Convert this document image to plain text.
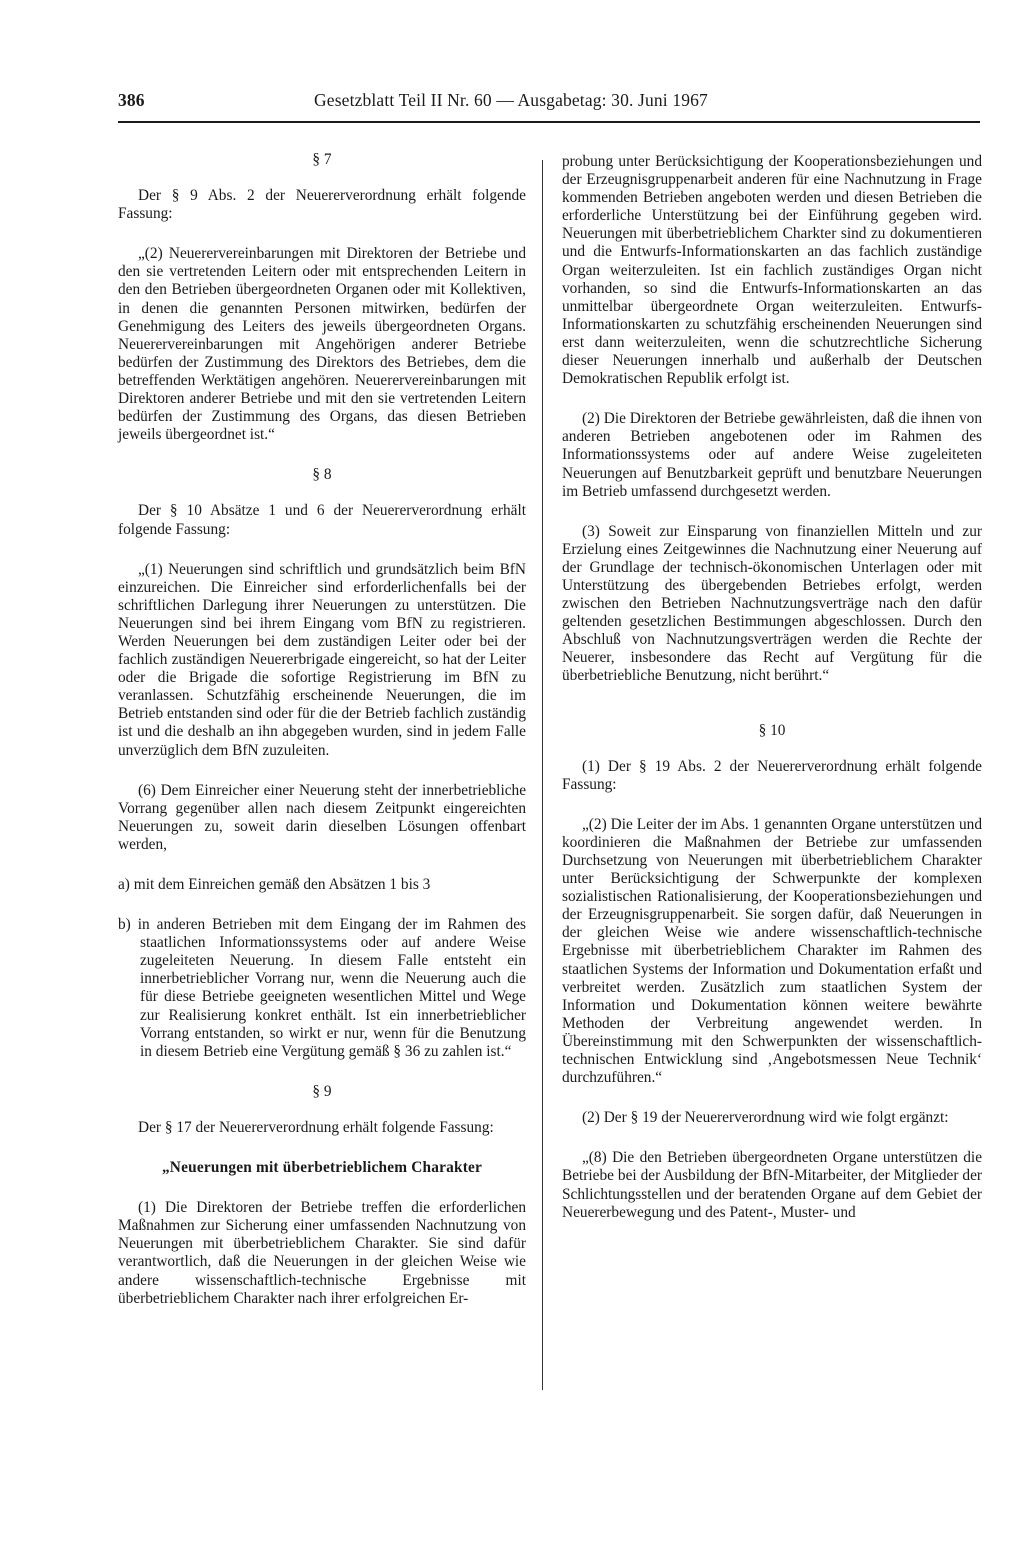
386	Gesetzblatt Teil II Nr. 60 — Ausgabetag: 30. Juni 1967

§ 7

Der § 9 Abs. 2 der Neuererverordnung erhält folgende Fassung:

„(2) Neuerervereinbarungen mit Direktoren der Betriebe und den sie vertretenden Leitern oder mit entsprechenden Leitern in den den Betrieben übergeordneten Organen oder mit Kollektiven, in denen die genannten Personen mitwirken, bedürfen der Genehmigung des Leiters des jeweils übergeordneten Organs. Neuerervereinbarungen mit Angehörigen anderer Betriebe bedürfen der Zustimmung des Direktors des Betriebes, dem die betreffenden Werktätigen angehören. Neuerervereinbarungen mit Direktoren anderer Betriebe und mit den sie vertretenden Leitern bedürfen der Zustimmung des Organs, das diesen Betrieben jeweils übergeordnet ist.“

§ 8

Der § 10 Absätze 1 und 6 der Neuererverordnung erhält folgende Fassung:

„(1) Neuerungen sind schriftlich und grundsätzlich beim BfN einzureichen. Die Einreicher sind erforderlichenfalls bei der schriftlichen Darlegung ihrer Neuerungen zu unterstützen. Die Neuerungen sind bei ihrem Eingang vom BfN zu registrieren. Werden Neuerungen bei dem zuständigen Leiter oder bei der fachlich zuständigen Neuererbrigade eingereicht, so hat der Leiter oder die Brigade die sofortige Registrierung im BfN zu veranlassen. Schutzfähig erscheinende Neuerungen, die im Betrieb entstanden sind oder für die der Betrieb fachlich zuständig ist und die deshalb an ihn abgegeben wurden, sind in jedem Falle unverzüglich dem BfN zuzuleiten.

(6) Dem Einreicher einer Neuerung steht der innerbetriebliche Vorrang gegenüber allen nach diesem Zeitpunkt eingereichten Neuerungen zu, soweit darin dieselben Lösungen offenbart werden,

a) mit dem Einreichen gemäß den Absätzen 1 bis 3

b) in anderen Betrieben mit dem Eingang der im Rahmen des staatlichen Informationssystems oder auf andere Weise zugeleiteten Neuerung. In diesem Falle entsteht ein innerbetrieblicher Vorrang nur, wenn die Neuerung auch die für diese Betriebe geeigneten wesentlichen Mittel und Wege zur Realisierung konkret enthält. Ist ein innerbetrieblicher Vorrang entstanden, so wirkt er nur, wenn für die Benutzung in diesem Betrieb eine Vergütung gemäß § 36 zu zahlen ist.“

§ 9

Der § 17 der Neuererverordnung erhält folgende Fassung:

„Neuerungen mit überbetrieblichem Charakter

(1) Die Direktoren der Betriebe treffen die erforderlichen Maßnahmen zur Sicherung einer umfassenden Nachnutzung von Neuerungen mit überbetrieblichem Charakter. Sie sind dafür verantwortlich, daß die Neuerungen in der gleichen Weise wie andere wissenschaftlich-technische Ergebnisse mit überbetrieblichem Charakter nach ihrer erfolgreichen Er-

probung unter Berücksichtigung der Kooperationsbeziehungen und der Erzeugnisgruppenarbeit anderen für eine Nachnutzung in Frage kommenden Betrieben angeboten werden und diesen Betrieben die erforderliche Unterstützung bei der Einführung gegeben wird. Neuerungen mit überbetrieblichem Charkter sind zu dokumentieren und die Entwurfs-Informationskarten an das fachlich zuständige Organ weiterzuleiten. Ist ein fachlich zuständiges Organ nicht vorhanden, so sind die Entwurfs-Informationskarten an das unmittelbar übergeordnete Organ weiterzuleiten. Entwurfs-Informationskarten zu schutzfähig erscheinenden Neuerungen sind erst dann weiterzuleiten, wenn die schutzrechtliche Sicherung dieser Neuerungen innerhalb und außerhalb der Deutschen Demokratischen Republik erfolgt ist.

(2) Die Direktoren der Betriebe gewährleisten, daß die ihnen von anderen Betrieben angebotenen oder im Rahmen des Informationssystems oder auf andere Weise zugeleiteten Neuerungen auf Benutzbarkeit geprüft und benutzbare Neuerungen im Betrieb umfassend durchgesetzt werden.

(3) Soweit zur Einsparung von finanziellen Mitteln und zur Erzielung eines Zeitgewinnes die Nachnutzung einer Neuerung auf der Grundlage der technisch-ökonomischen Unterlagen oder mit Unterstützung des übergebenden Betriebes erfolgt, werden zwischen den Betrieben Nachnutzungsverträge nach den dafür geltenden gesetzlichen Bestimmungen abgeschlossen. Durch den Abschluß von Nachnutzungsverträgen werden die Rechte der Neuerer, insbesondere das Recht auf Vergütung für die überbetriebliche Benutzung, nicht berührt.“

§ 10

(1) Der § 19 Abs. 2 der Neuererverordnung erhält folgende Fassung:

„(2) Die Leiter der im Abs. 1 genannten Organe unterstützen und koordinieren die Maßnahmen der Betriebe zur umfassenden Durchsetzung von Neuerungen mit überbetrieblichem Charakter unter Berücksichtigung der Schwerpunkte der komplexen sozialistischen Rationalisierung, der Kooperationsbeziehungen und der Erzeugnisgruppenarbeit. Sie sorgen dafür, daß Neuerungen in der gleichen Weise wie andere wissenschaftlich-technische Ergebnisse mit überbetrieblichem Charakter im Rahmen des staatlichen Systems der Information und Dokumentation erfaßt und verbreitet werden. Zusätzlich zum staatlichen System der Information und Dokumentation können weitere bewährte Methoden der Verbreitung angewendet werden. In Übereinstimmung mit den Schwerpunkten der wissenschaftlich-technischen Entwicklung sind ‚Angebotsmessen Neue Technik‘ durchzuführen.“

(2) Der § 19 der Neuererverordnung wird wie folgt ergänzt:

„(8) Die den Betrieben übergeordneten Organe unterstützen die Betriebe bei der Ausbildung der BfN-Mitarbeiter, der Mitglieder der Schlichtungsstellen und der beratenden Organe auf dem Gebiet der Neuererbewegung und des Patent-, Muster- und
